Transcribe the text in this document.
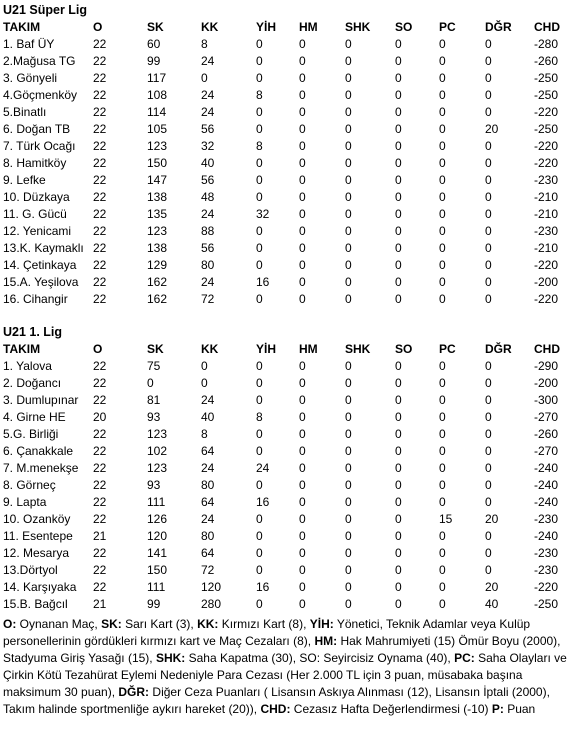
U21 Süper Lig
TAKIM	O	SK	KK	YİH	HM	SHK	SO	PC	DĞR	CHD	
1. Baf ÜY	22	60	8	0	0	0	0	0	0	-280	
2.Mağusa TG	22	99	24	0	0	0	0	0	0	-260	
3. Gönyeli	22	117	0	0	0	0	0	0	0	-250	
4.Göçmenköy	22	108	24	8	0	0	0	0	0	-250	
5.Binatlı	22	114	24	0	0	0	0	0	0	-220	
6. Doğan TB	22	105	56	0	0	0	0	0	20	-250	
7. Türk Ocağı	22	123	32	8	0	0	0	0	0	-220	
8. Hamitköy	22	150	40	0	0	0	0	0	0	-220	
9. Lefke	22	147	56	0	0	0	0	0	0	-230	
10. Düzkaya	22	138	48	0	0	0	0	0	0	-210	
11. G. Gücü	22	135	24	32	0	0	0	0	0	-210	
12. Yenicami	22	123	88	0	0	0	0	0	0	-230	
13.K. Kaymaklı	22	138	56	0	0	0	0	0	0	-210	
14. Çetinkaya	22	129	80	0	0	0	0	0	0	-220	
15.A. Yeşilova	22	162	24	16	0	0	0	0	0	-200	
16. Cihangir	22	162	72	0	0	0	0	0	0	-220	
U21 1. Lig
TAKIM	O	SK	KK	YİH	HM	SHK	SO	PC	DĞR	CHD	
1. Yalova	22	75	0	0	0	0	0	0	0	-290	
2. Doğancı	22	0	0	0	0	0	0	0	0	-200	
3. Dumlupınar	22	81	24	0	0	0	0	0	0	-300	
4. Girne HE	20	93	40	8	0	0	0	0	0	-270	
5.G. Birliği	22	123	8	0	0	0	0	0	0	-260	
6. Çanakkale	22	102	64	0	0	0	0	0	0	-270	
7. M.menekşe	22	123	24	24	0	0	0	0	0	-240	
8. Görneç	22	93	80	0	0	0	0	0	0	-240	
9. Lapta	22	111	64	16	0	0	0	0	0	-240	
10. Ozanköy	22	126	24	0	0	0	0	15	20	-230	
11. Esentepe	21	120	80	0	0	0	0	0	0	-240	
12. Mesarya	22	141	64	0	0	0	0	0	0	-230	
13.Dörtyol	22	150	72	0	0	0	0	0	0	-230	
14. Karşıyaka	22	111	120	16	0	0	0	0	20	-220	
15.B. Bağcıl	21	99	280	0	0	0	0	0	40	-250	
O: Oynanan Maç, SK: Sarı Kart (3), KK: Kırmızı Kart (8), YİH: Yönetici, Teknik Adamlar veya Kulüp personellerinin gördükleri kırmızı kart ve Maç Cezaları (8), HM: Hak Mahrumiyeti (15) Ömür Boyu (2000), Stadyuma Giriş Yasağı (15), SHK: Saha Kapatma (30), SO: Seyircisiz Oynama (40), PC: Saha Olayları ve Çirkin Kötü Tezahürat Eylemi Nedeniyle Para Cezası (Her 2.000 TL için 3 puan, müsabaka başına maksimum 30 puan), DĞR: Diğer Ceza Puanları ( Lisansın Askıya Alınması (12), Lisansın İptali (2000), Takım halinde sportmenliğe aykırı hareket (20)), CHD: Cezasız Hafta Değerlendirmesi (-10) P: Puan
